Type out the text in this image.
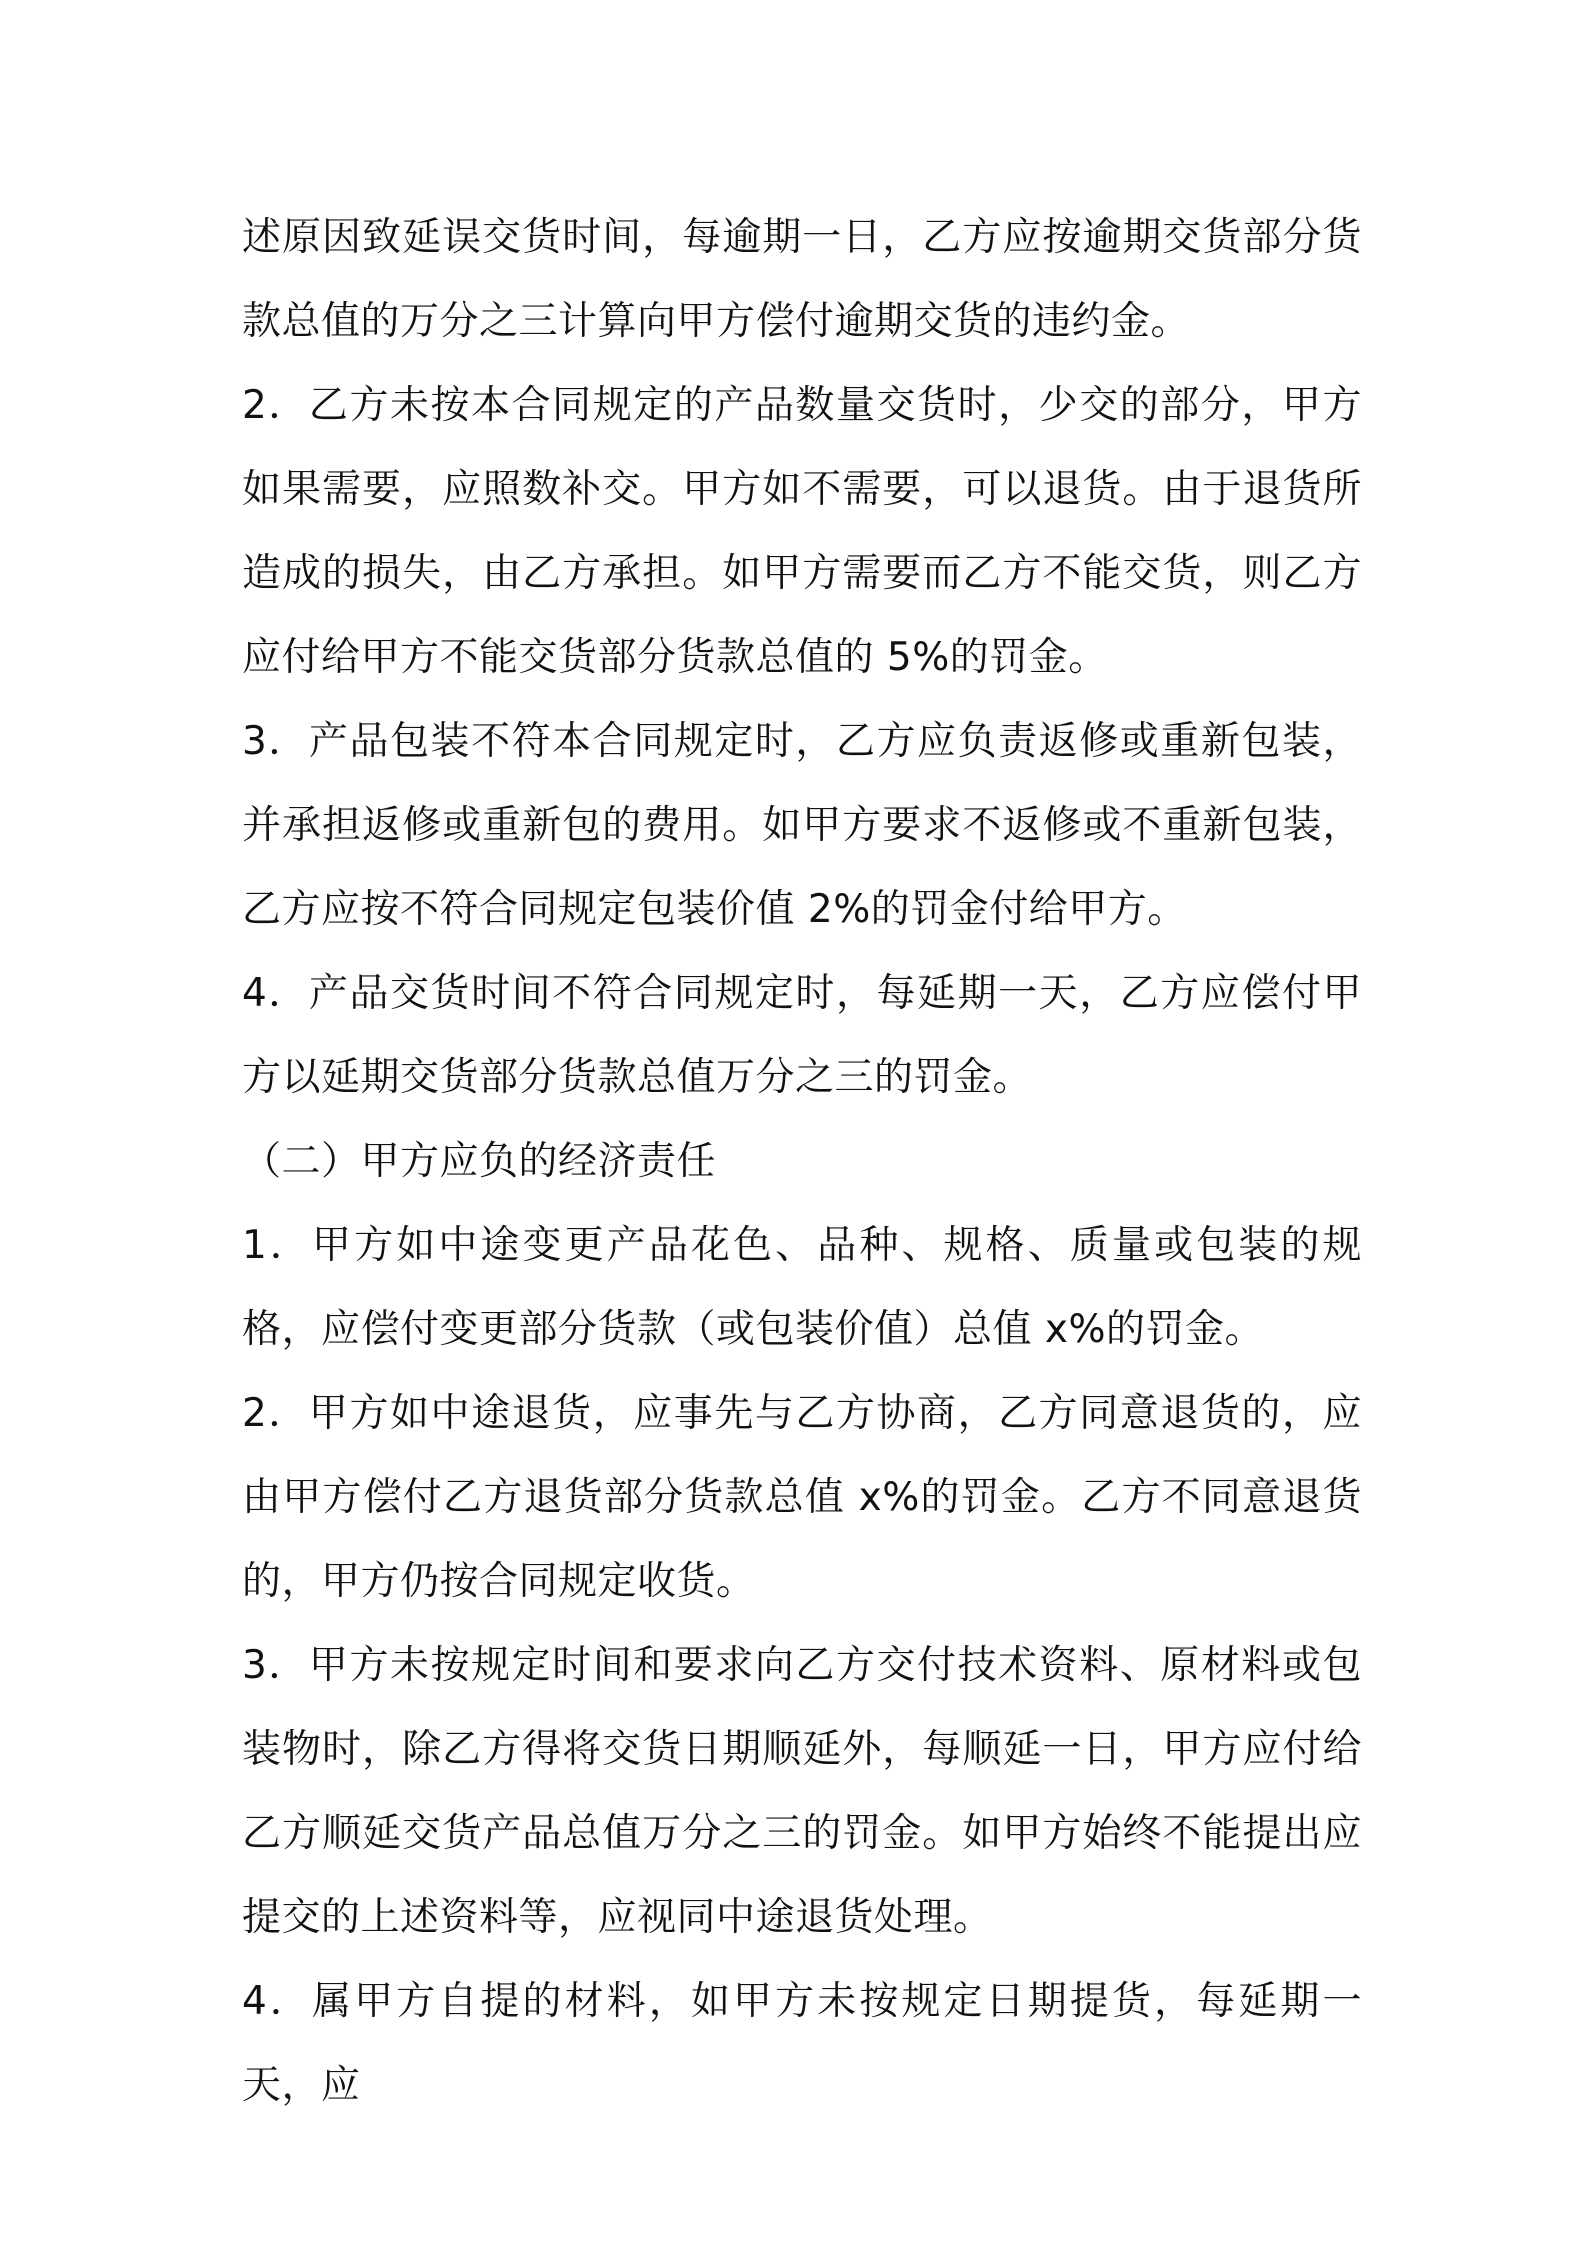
述原因致延误交货时间，每逾期一日，乙方应按逾期交货部分货款总值的万分之三计算向甲方偿付逾期交货的违约金。

2．乙方未按本合同规定的产品数量交货时，少交的部分，甲方如果需要，应照数补交。甲方如不需要，可以退货。由于退货所造成的损失，由乙方承担。如甲方需要而乙方不能交货，则乙方应付给甲方不能交货部分货款总值的 5%的罚金。

3．产品包装不符本合同规定时，乙方应负责返修或重新包装，并承担返修或重新包的费用。如甲方要求不返修或不重新包装，乙方应按不符合同规定包装价值 2%的罚金付给甲方。

4．产品交货时间不符合同规定时，每延期一天，乙方应偿付甲方以延期交货部分货款总值万分之三的罚金。

（二）甲方应负的经济责任

1．甲方如中途变更产品花色、品种、规格、质量或包装的规格，应偿付变更部分货款（或包装价值）总值 x%的罚金。

2．甲方如中途退货，应事先与乙方协商，乙方同意退货的，应由甲方偿付乙方退货部分货款总值 x%的罚金。乙方不同意退货的，甲方仍按合同规定收货。

3．甲方未按规定时间和要求向乙方交付技术资料、原材料或包装物时，除乙方得将交货日期顺延外，每顺延一日，甲方应付给乙方顺延交货产品总值万分之三的罚金。如甲方始终不能提出应提交的上述资料等，应视同中途退货处理。

4．属甲方自提的材料，如甲方未按规定日期提货，每延期一天，应
